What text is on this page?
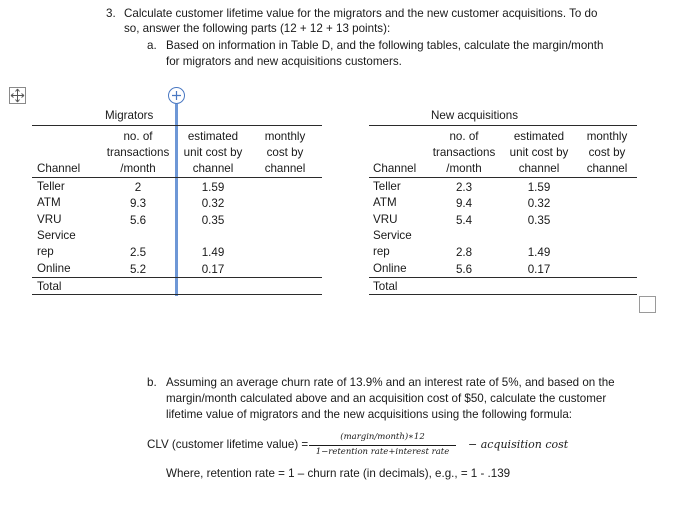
3. Calculate customer lifetime value for the migrators and the new customer acquisitions. To do
so, answer the following parts (12 + 12 + 13 points):
a. Based on information in Table D, and the following tables, calculate the margin/month
for migrators and new acquisitions customers.
Migrators
no. of
transactions
/month
estimated
unit cost by
channel
monthly
cost by
channel
Channel
Teller	2	1.59
ATM	9.3	0.32
VRU	5.6	0.35
Service
rep	2.5	1.49
Online	5.2	0.17
Total
New acquisitions
no. of
transactions
/month
estimated
unit cost by
channel
monthly
cost by
channel
Channel
Teller	2.3	1.59
ATM	9.4	0.32
VRU	5.4	0.35
Service
rep	2.8	1.49
Online	5.6	0.17
Total
b. Assuming an average churn rate of 13.9% and an interest rate of 5%, and based on the
margin/month calculated above and an acquisition cost of $50, calculate the customer
lifetime value of migrators and the new acquisitions using the following formula:
CLV (customer lifetime value) =
(margin/month)∗12
1−retention rate+interest rate
− acquisition cost
Where, retention rate = 1 – churn rate (in decimals), e.g., = 1 - .139
